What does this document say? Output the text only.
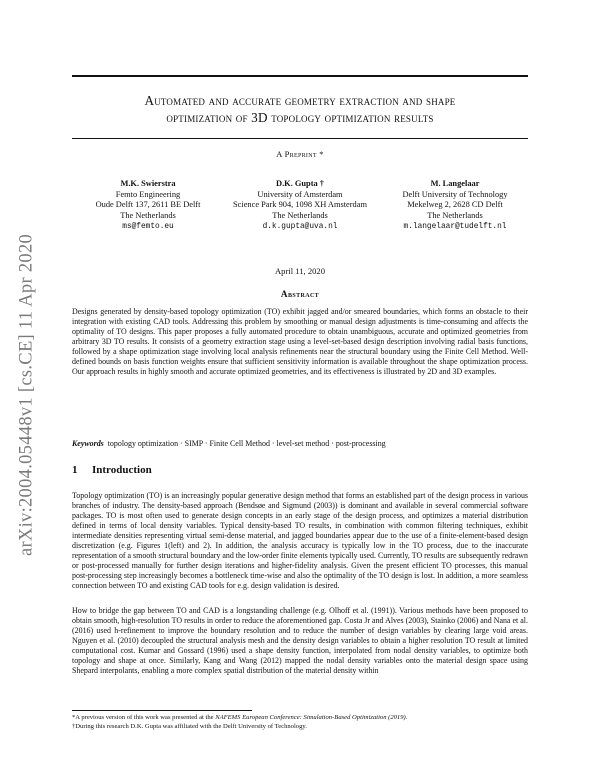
arXiv:2004.05448v1 [cs.CE] 11 Apr 2020
Automated and accurate geometry extraction and shape
optimization of 3D topology optimization results
A Preprint *
M.K. Swierstra
Femto Engineering
Oude Delft 137, 2611 BE Delft
The Netherlands
ms@femto.eu
D.K. Gupta †
University of Amsterdam
Science Park 904, 1098 XH Amsterdam
The Netherlands
d.k.gupta@uva.nl
M. Langelaar
Delft University of Technology
Mekelweg 2, 2628 CD Delft
The Netherlands
m.langelaar@tudelft.nl
April 11, 2020
Abstract
Designs generated by density-based topology optimization (TO) exhibit jagged and/or smeared boundaries, which forms an obstacle to their integration with existing CAD tools. Addressing this problem by smoothing or manual design adjustments is time-consuming and affects the optimality of TO designs. This paper proposes a fully automated procedure to obtain unambiguous, accurate and optimized geometries from arbitrary 3D TO results. It consists of a geometry extraction stage using a level-set-based design description involving radial basis functions, followed by a shape optimization stage involving local analysis refinements near the structural boundary using the Finite Cell Method. Well-defined bounds on basis function weights ensure that sufficient sensitivity information is available throughout the shape optimization process. Our approach results in highly smooth and accurate optimized geometries, and its effectiveness is illustrated by 2D and 3D examples.
Keywords topology optimization · SIMP · Finite Cell Method · level-set method · post-processing
1 Introduction
Topology optimization (TO) is an increasingly popular generative design method that forms an established part of the design process in various branches of industry. The density-based approach (Bendsøe and Sigmund (2003)) is dominant and available in several commercial software packages. TO is most often used to generate design concepts in an early stage of the design process, and optimizes a material distribution defined in terms of local density variables. Typical density-based TO results, in combination with common filtering techniques, exhibit intermediate densities representing virtual semi-dense material, and jagged boundaries appear due to the use of a finite-element-based design discretization (e.g. Figures 1(left) and 2). In addition, the analysis accuracy is typically low in the TO process, due to the inaccurate representation of a smooth structural boundary and the low-order finite elements typically used. Currently, TO results are subsequently redrawn or post-processed manually for further design iterations and higher-fidelity analysis. Given the present efficient TO processes, this manual post-processing step increasingly becomes a bottleneck time-wise and also the optimality of the TO design is lost. In addition, a more seamless connection between TO and existing CAD tools for e.g. design validation is desired.
How to bridge the gap between TO and CAD is a longstanding challenge (e.g. Olhoff et al. (1991)). Various methods have been proposed to obtain smooth, high-resolution TO results in order to reduce the aforementioned gap. Costa Jr and Alves (2003), Stainko (2006) and Nana et al. (2016) used h-refinement to improve the boundary resolution and to reduce the number of design variables by clearing large void areas. Nguyen et al. (2010) decoupled the structural analysis mesh and the density design variables to obtain a higher resolution TO result at limited computational cost. Kumar and Gossard (1996) used a shape density function, interpolated from nodal density variables, to optimize both topology and shape at once. Similarly, Kang and Wang (2012) mapped the nodal density variables onto the material design space using Shepard interpolants, enabling a more complex spatial distribution of the material density within
*A previous version of this work was presented at the NAFEMS European Conference: Simulation-Based Optimization (2019).
†During this research D.K. Gupta was affiliated with the Delft University of Technology.
